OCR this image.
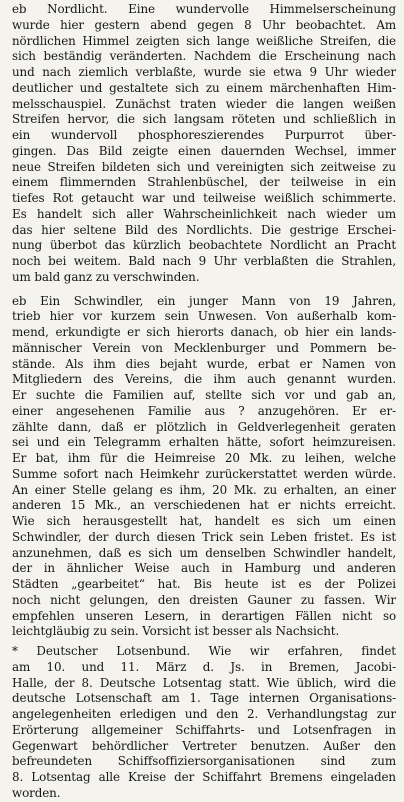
eb Nordlicht. Eine wundervolle Himmelserscheinung
wurde hier gestern abend gegen 8 Uhr beobachtet. Am
nördlichen Himmel zeigten sich lange weißliche Streifen, die
sich beständig veränderten. Nachdem die Erscheinung nach
und nach ziemlich verblaßte, wurde sie etwa 9 Uhr wieder
deutlicher und gestaltete sich zu einem märchenhaften Him-
melsschauspiel. Zunächst traten wieder die langen weißen
Streifen hervor, die sich langsam röteten und schließlich in
ein wundervoll phosphoreszierendes Purpurrot über-
gingen. Das Bild zeigte einen dauernden Wechsel, immer
neue Streifen bildeten sich und vereinigten sich zeitweise zu
einem flimmernden Strahlenbüschel, der teilweise in ein
tiefes Rot getaucht war und teilweise weißlich schimmerte.
Es handelt sich aller Wahrscheinlichkeit nach wieder um
das hier seltene Bild des Nordlichts. Die gestrige Erschei-
nung überbot das kürzlich beobachtete Nordlicht an Pracht
noch bei weitem. Bald nach 9 Uhr verblaßten die Strahlen,
um bald ganz zu verschwinden.
eb Ein Schwindler, ein junger Mann von 19 Jahren,
trieb hier vor kurzem sein Unwesen. Von außerhalb kom-
mend, erkundigte er sich hierorts danach, ob hier ein lands-
männischer Verein von Mecklenburger und Pommern be-
stände. Als ihm dies bejaht wurde, erbat er Namen von
Mitgliedern des Vereins, die ihm auch genannt wurden.
Er suchte die Familien auf, stellte sich vor und gab an,
einer angesehenen Familie aus ? anzugehören. Er er-
zählte dann, daß er plötzlich in Geldverlegenheit geraten
sei und ein Telegramm erhalten hätte, sofort heimzureisen.
Er bat, ihm für die Heimreise 20 Mk. zu leihen, welche
Summe sofort nach Heimkehr zurückerstattet werden würde.
An einer Stelle gelang es ihm, 20 Mk. zu erhalten, an einer
anderen 15 Mk., an verschiedenen hat er nichts erreicht.
Wie sich herausgestellt hat, handelt es sich um einen
Schwindler, der durch diesen Trick sein Leben fristet. Es ist
anzunehmen, daß es sich um denselben Schwindler handelt,
der in ähnlicher Weise auch in Hamburg und anderen
Städten „gearbeitet“ hat. Bis heute ist es der Polizei
noch nicht gelungen, den dreisten Gauner zu fassen. Wir
empfehlen unseren Lesern, in derartigen Fällen nicht so
leichtgläubig zu sein. Vorsicht ist besser als Nachsicht.
* Deutscher Lotsenbund. Wie wir erfahren, findet
am 10. und 11. März d. Js. in Bremen, Jacobi-
Halle, der 8. Deutsche Lotsentag statt. Wie üblich, wird die
deutsche Lotsenschaft am 1. Tage internen Organisations-
angelegenheiten erledigen und den 2. Verhandlungstag zur
Erörterung allgemeiner Schiffahrts- und Lotsenfragen in
Gegenwart behördlicher Vertreter benutzen. Außer den
befreundeten Schiffsoffiziersorganisationen sind zum
8. Lotsentag alle Kreise der Schiffahrt Bremens eingeladen
worden.
